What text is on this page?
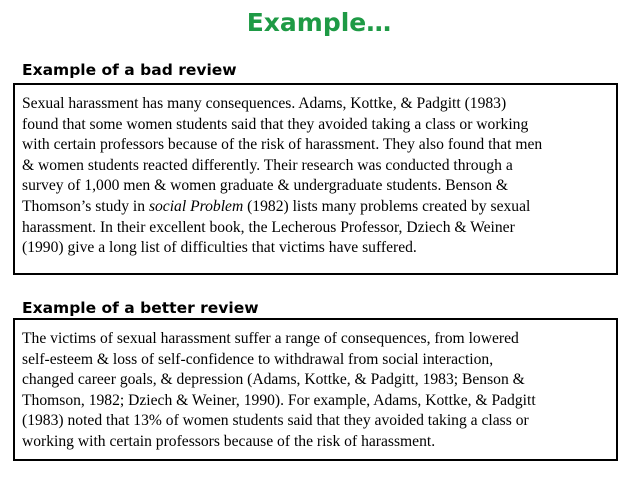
Example…
Example of a bad review
Sexual harassment has many consequences. Adams, Kottke, & Padgitt (1983)
found that some women students said that they avoided taking a class or working
with certain professors because of the risk of harassment. They also found that men
& women students reacted differently. Their research was conducted through a
survey of 1,000 men & women graduate & undergraduate students. Benson &
Thomson’s study in social Problem (1982) lists many problems created by sexual
harassment. In their excellent book, the Lecherous Professor, Dziech & Weiner
(1990) give a long list of difficulties that victims have suffered.
Example of a better review
The victims of sexual harassment suffer a range of consequences, from lowered
self-esteem & loss of self-confidence to withdrawal from social interaction,
changed career goals, & depression (Adams, Kottke, & Padgitt, 1983; Benson &
Thomson, 1982; Dziech & Weiner, 1990). For example, Adams, Kottke, & Padgitt
(1983) noted that 13% of women students said that they avoided taking a class or
working with certain professors because of the risk of harassment.
